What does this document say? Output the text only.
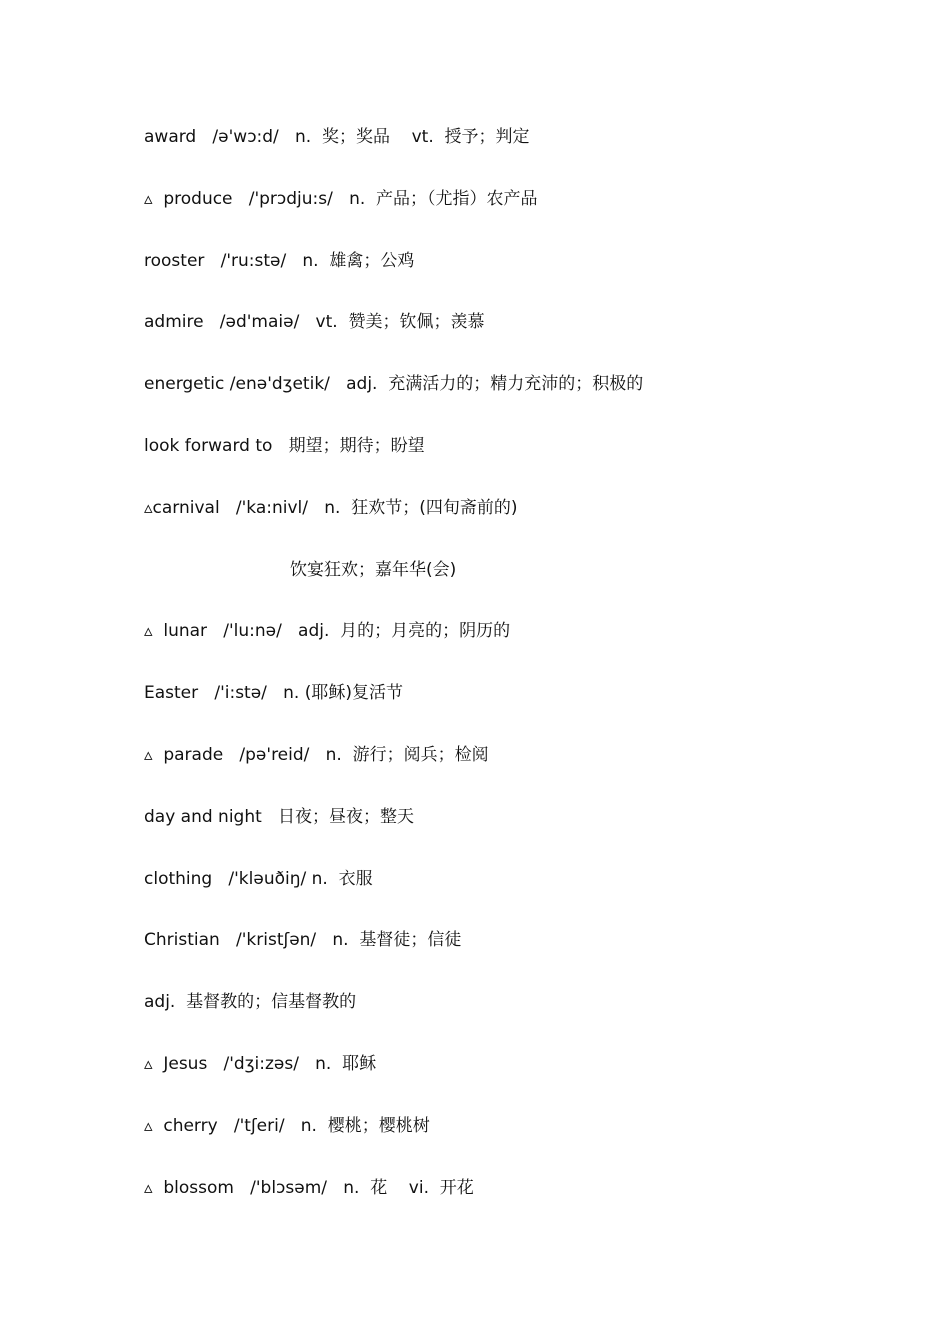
award   /ə'wɔ:d/   n.  奖；奖品    vt.  授予；判定
▵  produce   /'prɔdju:s/   n.  产品；（尤指）农产品
rooster   /'ru:stə/   n.  雄禽；公鸡
admire   /əd'maiə/   vt.  赞美；钦佩；羡慕
energetic /enə'dʒetik/   adj.  充满活力的；精力充沛的；积极的
look forward to   期望；期待；盼望
▵carnival   /'ka:nivl/   n.  狂欢节；(四旬斋前的)
饮宴狂欢；嘉年华(会)
▵  lunar   /'lu:nə/   adj.  月的；月亮的；阴历的
Easter   /'i:stə/   n. (耶稣)复活节
▵  parade   /pə'reid/   n.  游行；阅兵；检阅
day and night   日夜；昼夜；整天
clothing   /'kləuðiŋ/ n.  衣服
Christian   /'kristʃən/   n.  基督徒；信徒
adj.  基督教的；信基督教的
▵  Jesus   /'dʒi:zəs/   n.  耶稣
▵  cherry   /'tʃeri/   n.  樱桃；樱桃树
▵  blossom   /'blɔsəm/   n.  花    vi.  开花
